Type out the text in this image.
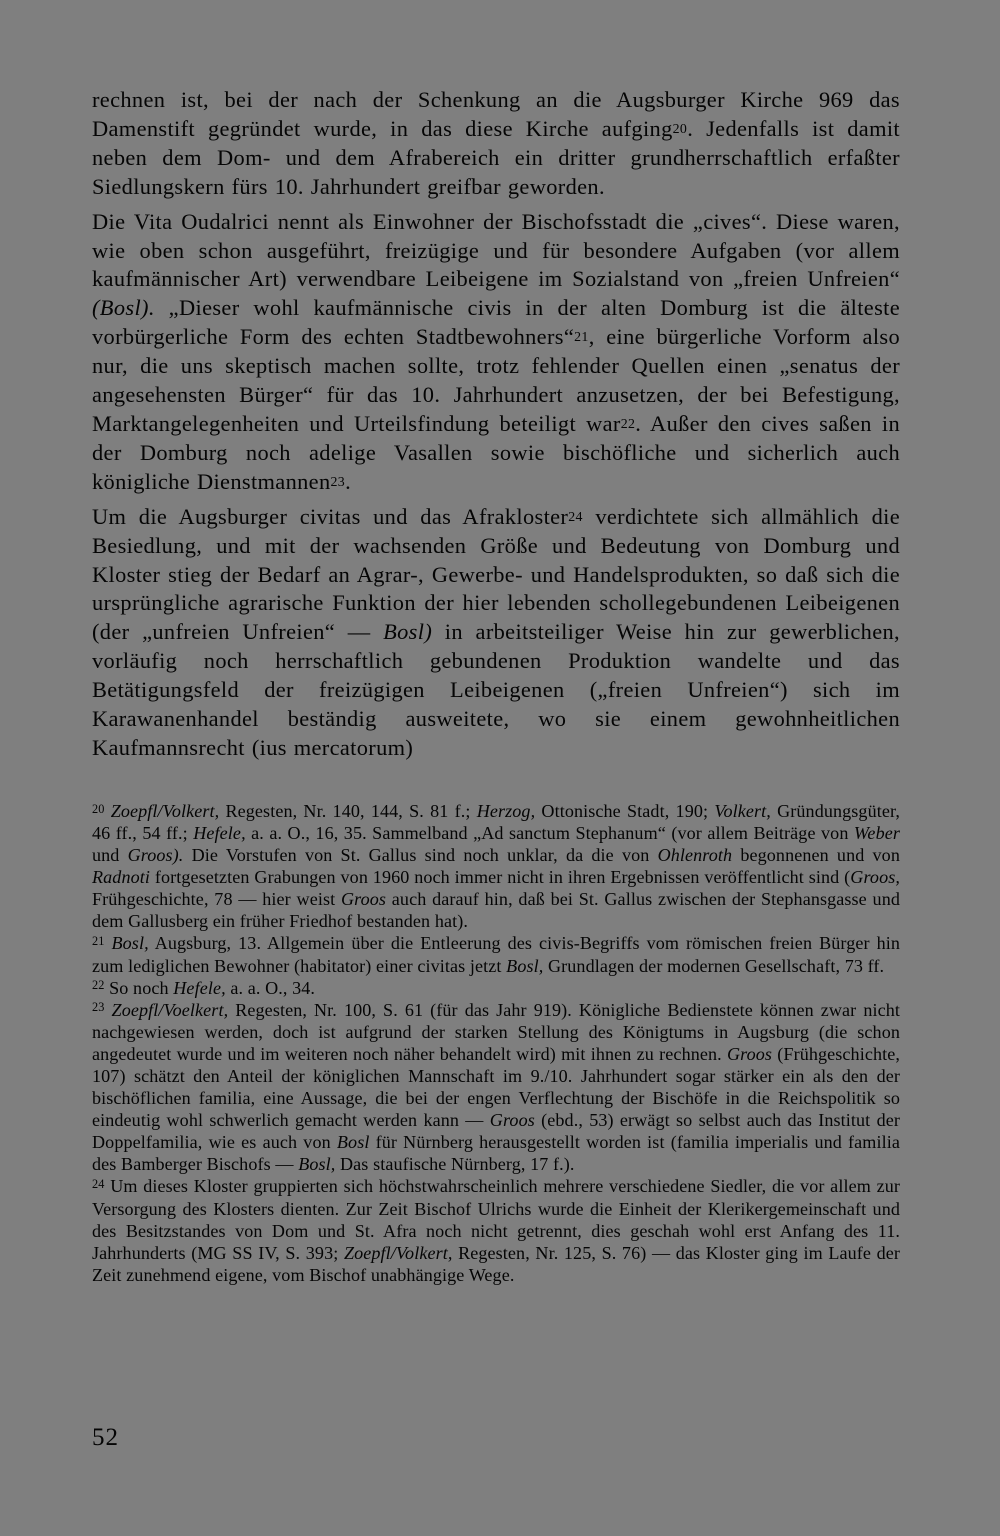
rechnen ist, bei der nach der Schenkung an die Augsburger Kirche 969 das Damenstift gegründet wurde, in das diese Kirche aufging$^{20}$. Jedenfalls ist damit neben dem Dom- und dem Afrabereich ein dritter grundherrschaftlich erfaßter Siedlungskern fürs 10. Jahrhundert greifbar geworden.

Die Vita Oudalrici nennt als Einwohner der Bischofsstadt die „cives“. Diese waren, wie oben schon ausgeführt, freizügige und für besondere Aufgaben (vor allem kaufmännischer Art) verwendbare Leibeigene im Sozialstand von „freien Unfreien“ (Bosl). „Dieser wohl kaufmännische civis in der alten Domburg ist die älteste vorbürgerliche Form des echten Stadtbewohners“$^{21}$, eine bürgerliche Vorform also nur, die uns skeptisch machen sollte, trotz fehlender Quellen einen „senatus der angesehensten Bürger“ für das 10. Jahrhundert anzusetzen, der bei Befestigung, Marktangelegenheiten und Urteilsfindung beteiligt war$^{22}$. Außer den cives saßen in der Domburg noch adelige Vasallen sowie bischöfliche und sicherlich auch königliche Dienstmannen$^{23}$.

Um die Augsburger civitas und das Afrakloster$^{24}$ verdichtete sich allmählich die Besiedlung, und mit der wachsenden Größe und Bedeutung von Domburg und Kloster stieg der Bedarf an Agrar-, Gewerbe- und Handelsprodukten, so daß sich die ursprüngliche agrarische Funktion der hier lebenden schollegebundenen Leibeigenen (der „unfreien Unfreien“ — Bosl) in arbeitsteiliger Weise hin zur gewerblichen, vorläufig noch herrschaftlich gebundenen Produktion wandelte und das Betätigungsfeld der freizügigen Leibeigenen („freien Unfreien“) sich im Karawanenhandel beständig ausweitete, wo sie einem gewohnheitlichen Kaufmannsrecht (ius mercatorum)

$^{20}$ Zoepfl/Volkert, Regesten, Nr. 140, 144, S. 81 f.; Herzog, Ottonische Stadt, 190; Volkert, Gründungsgüter, 46 ff., 54 ff.; Hefele, a. a. O., 16, 35. Sammelband „Ad sanctum Stephanum“ (vor allem Beiträge von Weber und Groos). Die Vorstufen von St. Gallus sind noch unklar, da die von Ohlenroth begonnenen und von Radnoti fortgesetzten Grabungen von 1960 noch immer nicht in ihren Ergebnissen veröffentlicht sind (Groos, Frühgeschichte, 78 — hier weist Groos auch darauf hin, daß bei St. Gallus zwischen der Stephansgasse und dem Gallusberg ein früher Friedhof bestanden hat).

$^{21}$ Bosl, Augsburg, 13. Allgemein über die Entleerung des civis-Begriffs vom römischen freien Bürger hin zum lediglichen Bewohner (habitator) einer civitas jetzt Bosl, Grundlagen der modernen Gesellschaft, 73 ff.

$^{22}$ So noch Hefele, a. a. O., 34.

$^{23}$ Zoepfl/Voelkert, Regesten, Nr. 100, S. 61 (für das Jahr 919). Königliche Bedienstete können zwar nicht nachgewiesen werden, doch ist aufgrund der starken Stellung des Königtums in Augsburg (die schon angedeutet wurde und im weiteren noch näher behandelt wird) mit ihnen zu rechnen. Groos (Frühgeschichte, 107) schätzt den Anteil der königlichen Mannschaft im 9./10. Jahrhundert sogar stärker ein als den der bischöflichen familia, eine Aussage, die bei der engen Verflechtung der Bischöfe in die Reichspolitik so eindeutig wohl schwerlich gemacht werden kann — Groos (ebd., 53) erwägt so selbst auch das Institut der Doppelfamilia, wie es auch von Bosl für Nürnberg herausgestellt worden ist (familia imperialis und familia des Bamberger Bischofs — Bosl, Das staufische Nürnberg, 17 f.).

$^{24}$ Um dieses Kloster gruppierten sich höchstwahrscheinlich mehrere verschiedene Siedler, die vor allem zur Versorgung des Klosters dienten. Zur Zeit Bischof Ulrichs wurde die Einheit der Klerikergemeinschaft und des Besitzstandes von Dom und St. Afra noch nicht getrennt, dies geschah wohl erst Anfang des 11. Jahrhunderts (MG SS IV, S. 393; Zoepfl/Volkert, Regesten, Nr. 125, S. 76) — das Kloster ging im Laufe der Zeit zunehmend eigene, vom Bischof unabhängige Wege.

52
